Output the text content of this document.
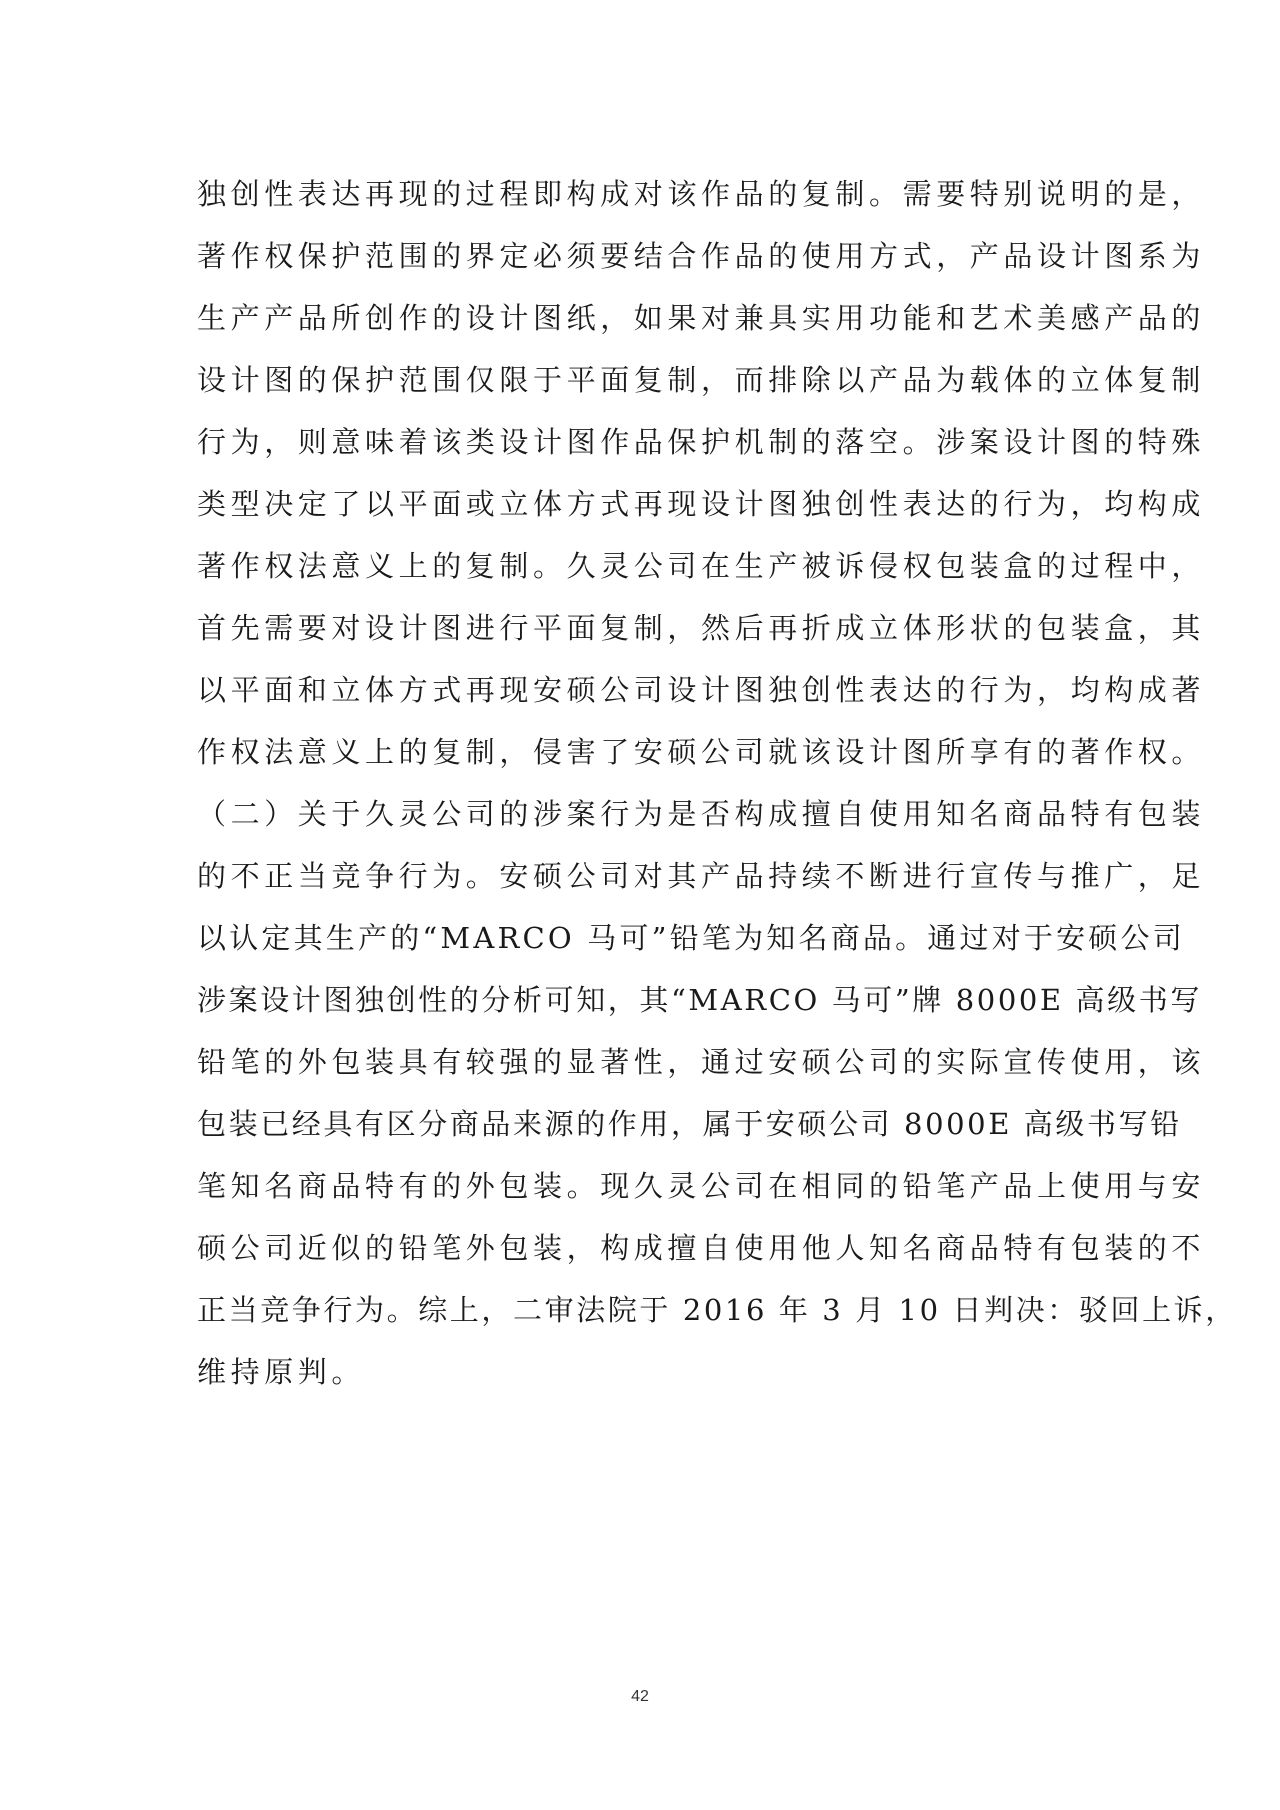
独创性表达再现的过程即构成对该作品的复制。需要特别说明的是，
著作权保护范围的界定必须要结合作品的使用方式，产品设计图系为
生产产品所创作的设计图纸，如果对兼具实用功能和艺术美感产品的
设计图的保护范围仅限于平面复制，而排除以产品为载体的立体复制
行为，则意味着该类设计图作品保护机制的落空。涉案设计图的特殊
类型决定了以平面或立体方式再现设计图独创性表达的行为，均构成
著作权法意义上的复制。久灵公司在生产被诉侵权包装盒的过程中，
首先需要对设计图进行平面复制，然后再折成立体形状的包装盒，其
以平面和立体方式再现安硕公司设计图独创性表达的行为，均构成著
作权法意义上的复制，侵害了安硕公司就该设计图所享有的著作权。
（二）关于久灵公司的涉案行为是否构成擅自使用知名商品特有包装
的不正当竞争行为。安硕公司对其产品持续不断进行宣传与推广，足
以认定其生产的“MARCO 马可”铅笔为知名商品。通过对于安硕公司
涉案设计图独创性的分析可知，其“MARCO 马可”牌 8000E 高级书写
铅笔的外包装具有较强的显著性，通过安硕公司的实际宣传使用，该
包装已经具有区分商品来源的作用，属于安硕公司 8000E 高级书写铅
笔知名商品特有的外包装。现久灵公司在相同的铅笔产品上使用与安
硕公司近似的铅笔外包装，构成擅自使用他人知名商品特有包装的不
正当竞争行为。综上，二审法院于 2016 年 3 月 10 日判决：驳回上诉，
维持原判。
42
